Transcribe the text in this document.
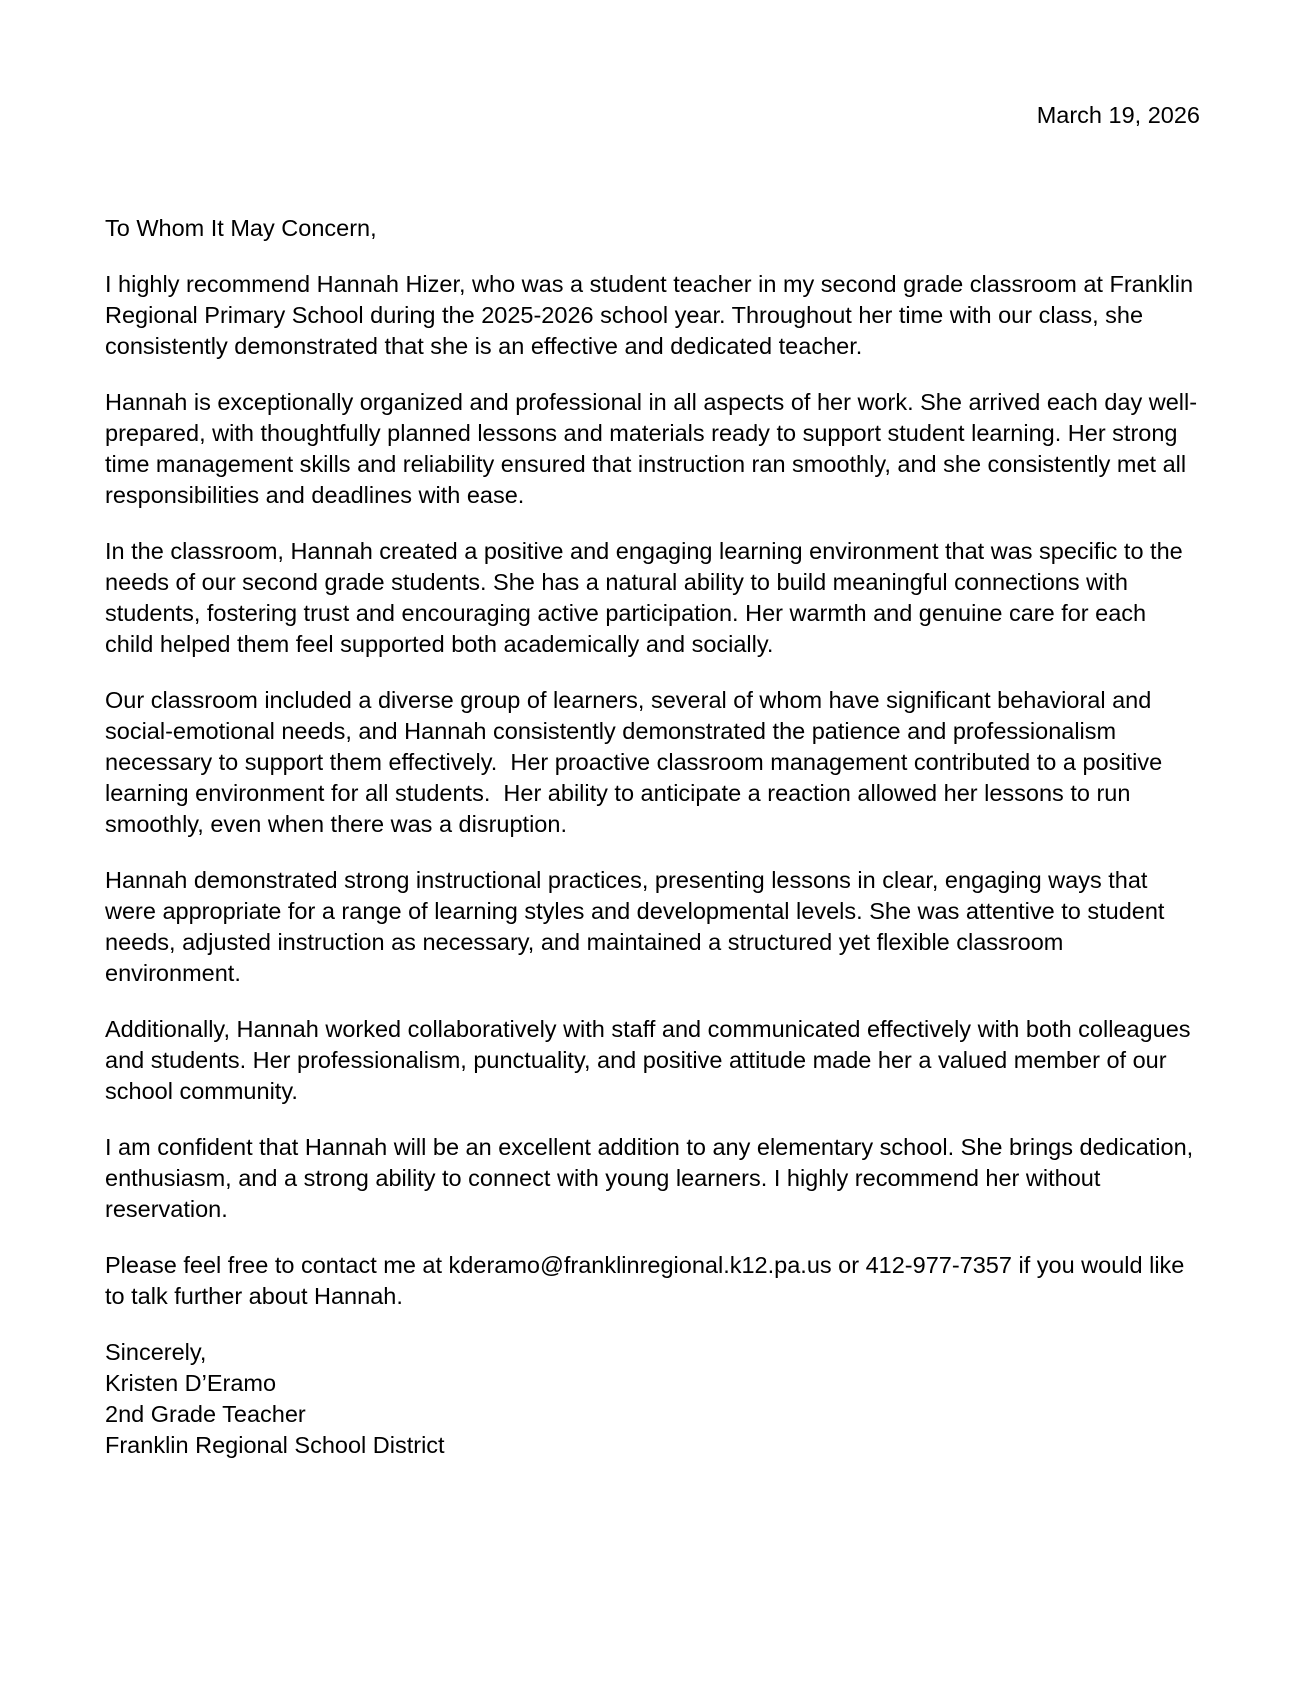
March 19, 2026

To Whom It May Concern,

I highly recommend Hannah Hizer, who was a student teacher in my second grade classroom at Franklin Regional Primary School during the 2025-2026 school year. Throughout her time with our class, she consistently demonstrated that she is an effective and dedicated teacher.

Hannah is exceptionally organized and professional in all aspects of her work. She arrived each day well-prepared, with thoughtfully planned lessons and materials ready to support student learning. Her strong time management skills and reliability ensured that instruction ran smoothly, and she consistently met all responsibilities and deadlines with ease.

In the classroom, Hannah created a positive and engaging learning environment that was specific to the needs of our second grade students. She has a natural ability to build meaningful connections with students, fostering trust and encouraging active participation. Her warmth and genuine care for each child helped them feel supported both academically and socially.

Our classroom included a diverse group of learners, several of whom have significant behavioral and social-emotional needs, and Hannah consistently demonstrated the patience and professionalism necessary to support them effectively.  Her proactive classroom management contributed to a positive learning environment for all students.  Her ability to anticipate a reaction allowed her lessons to run smoothly, even when there was a disruption.

Hannah demonstrated strong instructional practices, presenting lessons in clear, engaging ways that were appropriate for a range of learning styles and developmental levels. She was attentive to student needs, adjusted instruction as necessary, and maintained a structured yet flexible classroom environment.

Additionally, Hannah worked collaboratively with staff and communicated effectively with both colleagues and students. Her professionalism, punctuality, and positive attitude made her a valued member of our school community.

I am confident that Hannah will be an excellent addition to any elementary school. She brings dedication, enthusiasm, and a strong ability to connect with young learners. I highly recommend her without reservation.

Please feel free to contact me at kderamo@franklinregional.k12.pa.us or 412-977-7357 if you would like to talk further about Hannah.

Sincerely,
Kristen D’Eramo
2nd Grade Teacher
Franklin Regional School District
